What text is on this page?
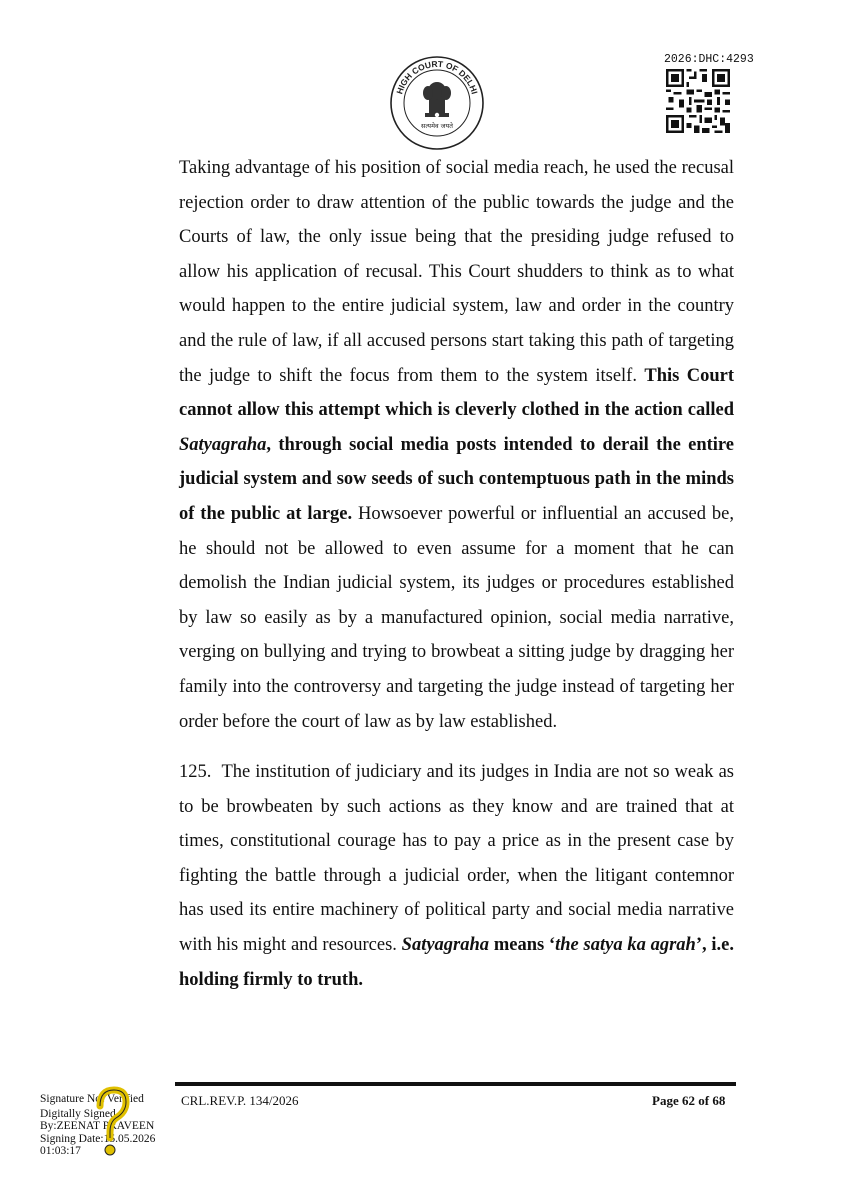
HIGH COURT OF DELHI
सत्यमेव जयते
2026:DHC:4293

Taking advantage of his position of social media reach, he used the recusal rejection order to draw attention of the public towards the judge and the Courts of law, the only issue being that the presiding judge refused to allow his application of recusal. This Court shudders to think as to what would happen to the entire judicial system, law and order in the country and the rule of law, if all accused persons start taking this path of targeting the judge to shift the focus from them to the system itself. This Court cannot allow this attempt which is cleverly clothed in the action called Satyagraha, through social media posts intended to derail the entire judicial system and sow seeds of such contemptuous path in the minds of the public at large. Howsoever powerful or influential an accused be, he should not be allowed to even assume for a moment that he can demolish the Indian judicial system, its judges or procedures established by law so easily as by a manufactured opinion, social media narrative, verging on bullying and trying to browbeat a sitting judge by dragging her family into the controversy and targeting the judge instead of targeting her order before the court of law as by law established.

125. The institution of judiciary and its judges in India are not so weak as to be browbeaten by such actions as they know and are trained that at times, constitutional courage has to pay a price as in the present case by fighting the battle through a judicial order, when the litigant contemnor has used its entire machinery of political party and social media narrative with his might and resources. Satyagraha means ‘the satya ka agrah’, i.e. holding firmly to truth.

CRL.REV.P. 134/2026	Page 62 of 68
Signature Not Verified
Digitally Signed
By:ZEENAT PRAVEEN
Signing Date:15.05.2026
01:03:17
